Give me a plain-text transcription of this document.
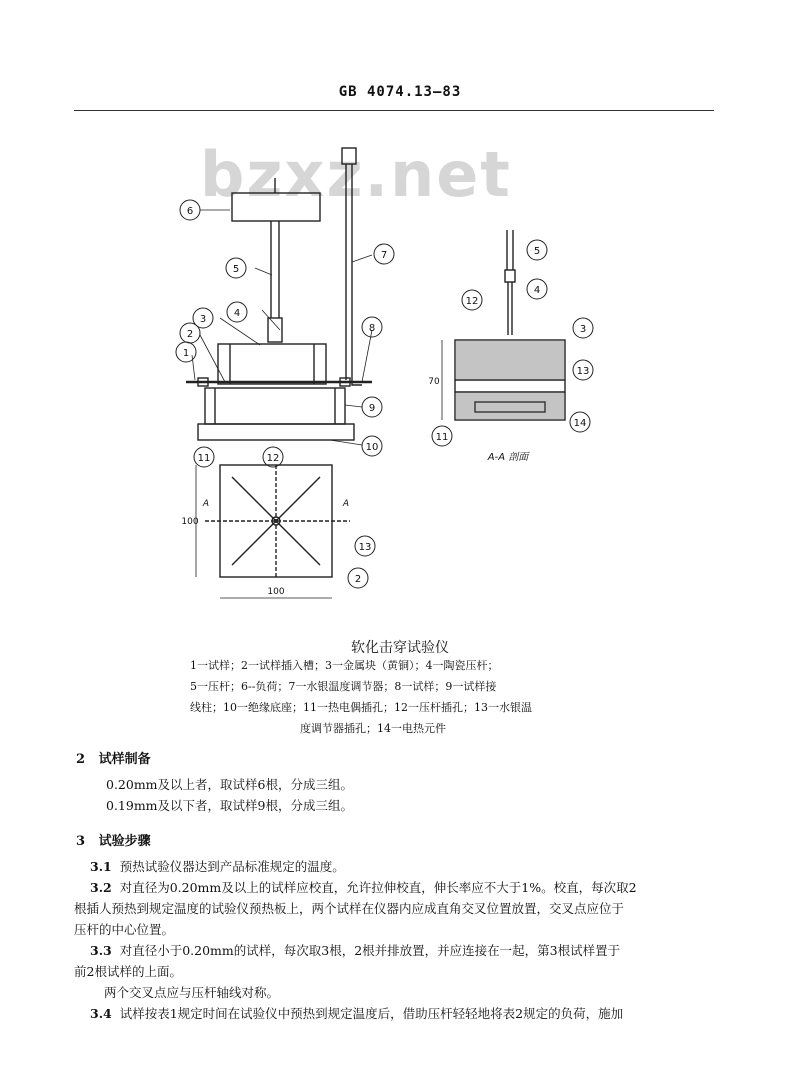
GB 4074.13—83
bzxz.net
6
5
4
3
2
1
7
8
9
10
11	12
13
2
5
4
3
12
13
11
14
70
100
100
A	A
A-A 剖面
软化击穿试验仪
1一试样；2一试样插入槽；3一金属块（黄铜）；4一陶瓷压杆；
5一压杆；6--负荷；7一水银温度调节器；8一试样；9一试样接
线柱；10一绝缘底座；11一热电偶插孔；12一压杆插孔；13一水银温
度调节器插孔；14一电热元件
2 试样制备
0.20mm及以上者，取试样6根，分成三组。
0.19mm及以下者，取试样9根，分成三组。
3 试验步骤
3.1 预热试验仪器达到产品标准规定的温度。
3.2 对直径为0.20mm及以上的试样应校直，允许拉伸校直，伸长率应不大于1%。校直，每次取2
根插人预热到规定温度的试验仪预热板上，两个试样在仪器内应成直角交叉位置放置，交叉点应位于
压杆的中心位置。
3.3 对直径小于0.20mm的试样，每次取3根，2根并排放置，并应连接在一起，第3根试样置于
前2根试样的上面。
两个交叉点应与压杆轴线对称。
3.4 试样按表1规定时间在试验仪中预热到规定温度后，借助压杆轻轻地将表2规定的负荷，施加
